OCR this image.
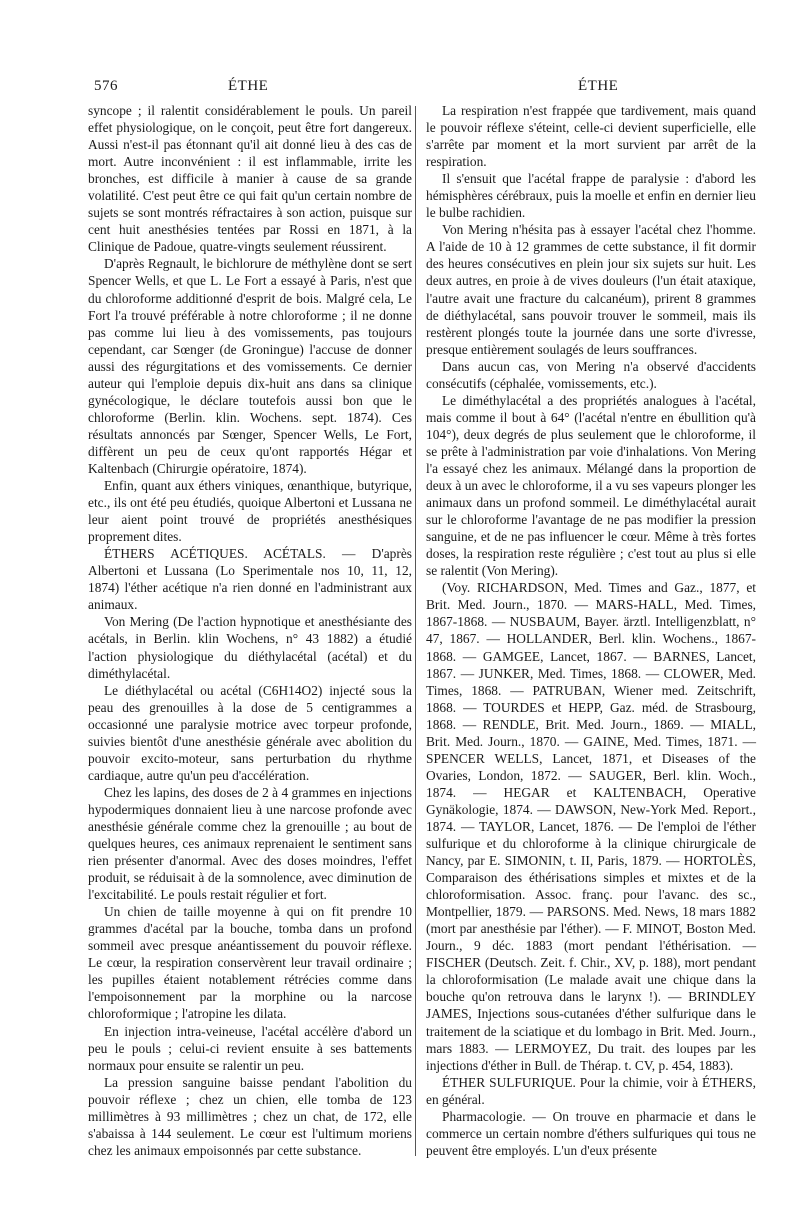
576	ÉTHE	ÉTHE

syncope ; il ralentit considérablement le pouls. Un pareil effet physiologique, on le conçoit, peut être fort dangereux. Aussi n'est-il pas étonnant qu'il ait donné lieu à des cas de mort. Autre inconvénient : il est inflammable, irrite les bronches, est difficile à manier à cause de sa grande volatilité. C'est peut être ce qui fait qu'un certain nombre de sujets se sont montrés réfractaires à son action, puisque sur cent huit anesthésies tentées par Rossi en 1871, à la Clinique de Padoue, quatre-vingts seulement réussirent.

D'après Regnault, le bichlorure de méthylène dont se sert Spencer Wells, et que L. Le Fort a essayé à Paris, n'est que du chloroforme additionné d'esprit de bois. Malgré cela, Le Fort l'a trouvé préférable à notre chloroforme ; il ne donne pas comme lui lieu à des vomissements, pas toujours cependant, car Sœnger (de Groningue) l'accuse de donner aussi des régurgitations et des vomissements. Ce dernier auteur qui l'emploie depuis dix-huit ans dans sa clinique gynécologique, le déclare toutefois aussi bon que le chloroforme (Berlin. klin. Wochens. sept. 1874). Ces résultats annoncés par Sœnger, Spencer Wells, Le Fort, diffèrent un peu de ceux qu'ont rapportés Hégar et Kaltenbach (Chirurgie opératoire, 1874).

Enfin, quant aux éthers viniques, œnanthique, butyrique, etc., ils ont été peu étudiés, quoique Albertoni et Lussana ne leur aient point trouvé de propriétés anesthésiques proprement dites.

ÉTHERS ACÉTIQUES. ACÉTALS. — D'après Albertoni et Lussana (Lo Sperimentale nos 10, 11, 12, 1874) l'éther acétique n'a rien donné en l'administrant aux animaux.

Von Mering (De l'action hypnotique et anesthésiante des acétals, in Berlin. klin Wochens, n° 43 1882) a étudié l'action physiologique du diéthylacétal (acétal) et du diméthylacétal.

Le diéthylacétal ou acétal (C6H14O2) injecté sous la peau des grenouilles à la dose de 5 centigrammes a occasionné une paralysie motrice avec torpeur profonde, suivies bientôt d'une anesthésie générale avec abolition du pouvoir excito-moteur, sans perturbation du rhythme cardiaque, autre qu'un peu d'accélération.

Chez les lapins, des doses de 2 à 4 grammes en injections hypodermiques donnaient lieu à une narcose profonde avec anesthésie générale comme chez la grenouille ; au bout de quelques heures, ces animaux reprenaient le sentiment sans rien présenter d'anormal. Avec des doses moindres, l'effet produit, se réduisait à de la somnolence, avec diminution de l'excitabilité. Le pouls restait régulier et fort.

Un chien de taille moyenne à qui on fit prendre 10 grammes d'acétal par la bouche, tomba dans un profond sommeil avec presque anéantissement du pouvoir réflexe. Le cœur, la respiration conservèrent leur travail ordinaire ; les pupilles étaient notablement rétrécies comme dans l'empoisonnement par la morphine ou la narcose chloroformique ; l'atropine les dilata.

En injection intra-veineuse, l'acétal accélère d'abord un peu le pouls ; celui-ci revient ensuite à ses battements normaux pour ensuite se ralentir un peu.

La pression sanguine baisse pendant l'abolition du pouvoir réflexe ; chez un chien, elle tomba de 123 millimètres à 93 millimètres ; chez un chat, de 172, elle s'abaissa à 144 seulement. Le cœur est l'ultimum moriens chez les animaux empoisonnés par cette substance.

La respiration n'est frappée que tardivement, mais quand le pouvoir réflexe s'éteint, celle-ci devient superficielle, elle s'arrête par moment et la mort survient par arrêt de la respiration.

Il s'ensuit que l'acétal frappe de paralysie : d'abord les hémisphères cérébraux, puis la moelle et enfin en dernier lieu le bulbe rachidien.

Von Mering n'hésita pas à essayer l'acétal chez l'homme. A l'aide de 10 à 12 grammes de cette substance, il fit dormir des heures consécutives en plein jour six sujets sur huit. Les deux autres, en proie à de vives douleurs (l'un était ataxique, l'autre avait une fracture du calcanéum), prirent 8 grammes de diéthylacétal, sans pouvoir trouver le sommeil, mais ils restèrent plongés toute la journée dans une sorte d'ivresse, presque entièrement soulagés de leurs souffrances.

Dans aucun cas, von Mering n'a observé d'accidents consécutifs (céphalée, vomissements, etc.).

Le diméthylacétal a des propriétés analogues à l'acétal, mais comme il bout à 64° (l'acétal n'entre en ébullition qu'à 104°), deux degrés de plus seulement que le chloroforme, il se prête à l'administration par voie d'inhalations. Von Mering l'a essayé chez les animaux. Mélangé dans la proportion de deux à un avec le chloroforme, il a vu ses vapeurs plonger les animaux dans un profond sommeil. Le diméthylacétal aurait sur le chloroforme l'avantage de ne pas modifier la pression sanguine, et de ne pas influencer le cœur. Même à très fortes doses, la respiration reste régulière ; c'est tout au plus si elle se ralentit (Von Mering).

(Voy. RICHARDSON, Med. Times and Gaz., 1877, et Brit. Med. Journ., 1870. — MARS-HALL, Med. Times, 1867-1868. — NUSBAUM, Bayer. ärztl. Intelligenzblatt, n° 47, 1867. — HOLLANDER, Berl. klin. Wochens., 1867-1868. — GAMGEE, Lancet, 1867. — BARNES, Lancet, 1867. — JUNKER, Med. Times, 1868. — CLOWER, Med. Times, 1868. — PATRUBAN, Wiener med. Zeitschrift, 1868. — TOURDES et HEPP, Gaz. méd. de Strasbourg, 1868. — RENDLE, Brit. Med. Journ., 1869. — MIALL, Brit. Med. Journ., 1870. — GAINE, Med. Times, 1871. — SPENCER WELLS, Lancet, 1871, et Diseases of the Ovaries, London, 1872. — SAUGER, Berl. klin. Woch., 1874. — HEGAR et KALTENBACH, Operative Gynäkologie, 1874. — DAWSON, New-York Med. Report., 1874. — TAYLOR, Lancet, 1876. — De l'emploi de l'éther sulfurique et du chloroforme à la clinique chirurgicale de Nancy, par E. SIMONIN, t. II, Paris, 1879. — HORTOLÈS, Comparaison des éthérisations simples et mixtes et de la chloroformisation. Assoc. franç. pour l'avanc. des sc., Montpellier, 1879. — PARSONS. Med. News, 18 mars 1882 (mort par anesthésie par l'éther). — F. MINOT, Boston Med. Journ., 9 déc. 1883 (mort pendant l'éthérisation. — FISCHER (Deutsch. Zeit. f. Chir., XV, p. 188), mort pendant la chloroformisation (Le malade avait une chique dans la bouche qu'on retrouva dans le larynx !). — BRINDLEY JAMES, Injections sous-cutanées d'éther sulfurique dans le traitement de la sciatique et du lombago in Brit. Med. Journ., mars 1883. — LERMOYEZ, Du trait. des loupes par les injections d'éther in Bull. de Thérap. t. CV, p. 454, 1883).

ÉTHER SULFURIQUE. Pour la chimie, voir à ÉTHERS, en général.

Pharmacologie. — On trouve en pharmacie et dans le commerce un certain nombre d'éthers sulfuriques qui tous ne peuvent être employés. L'un d'eux présente
